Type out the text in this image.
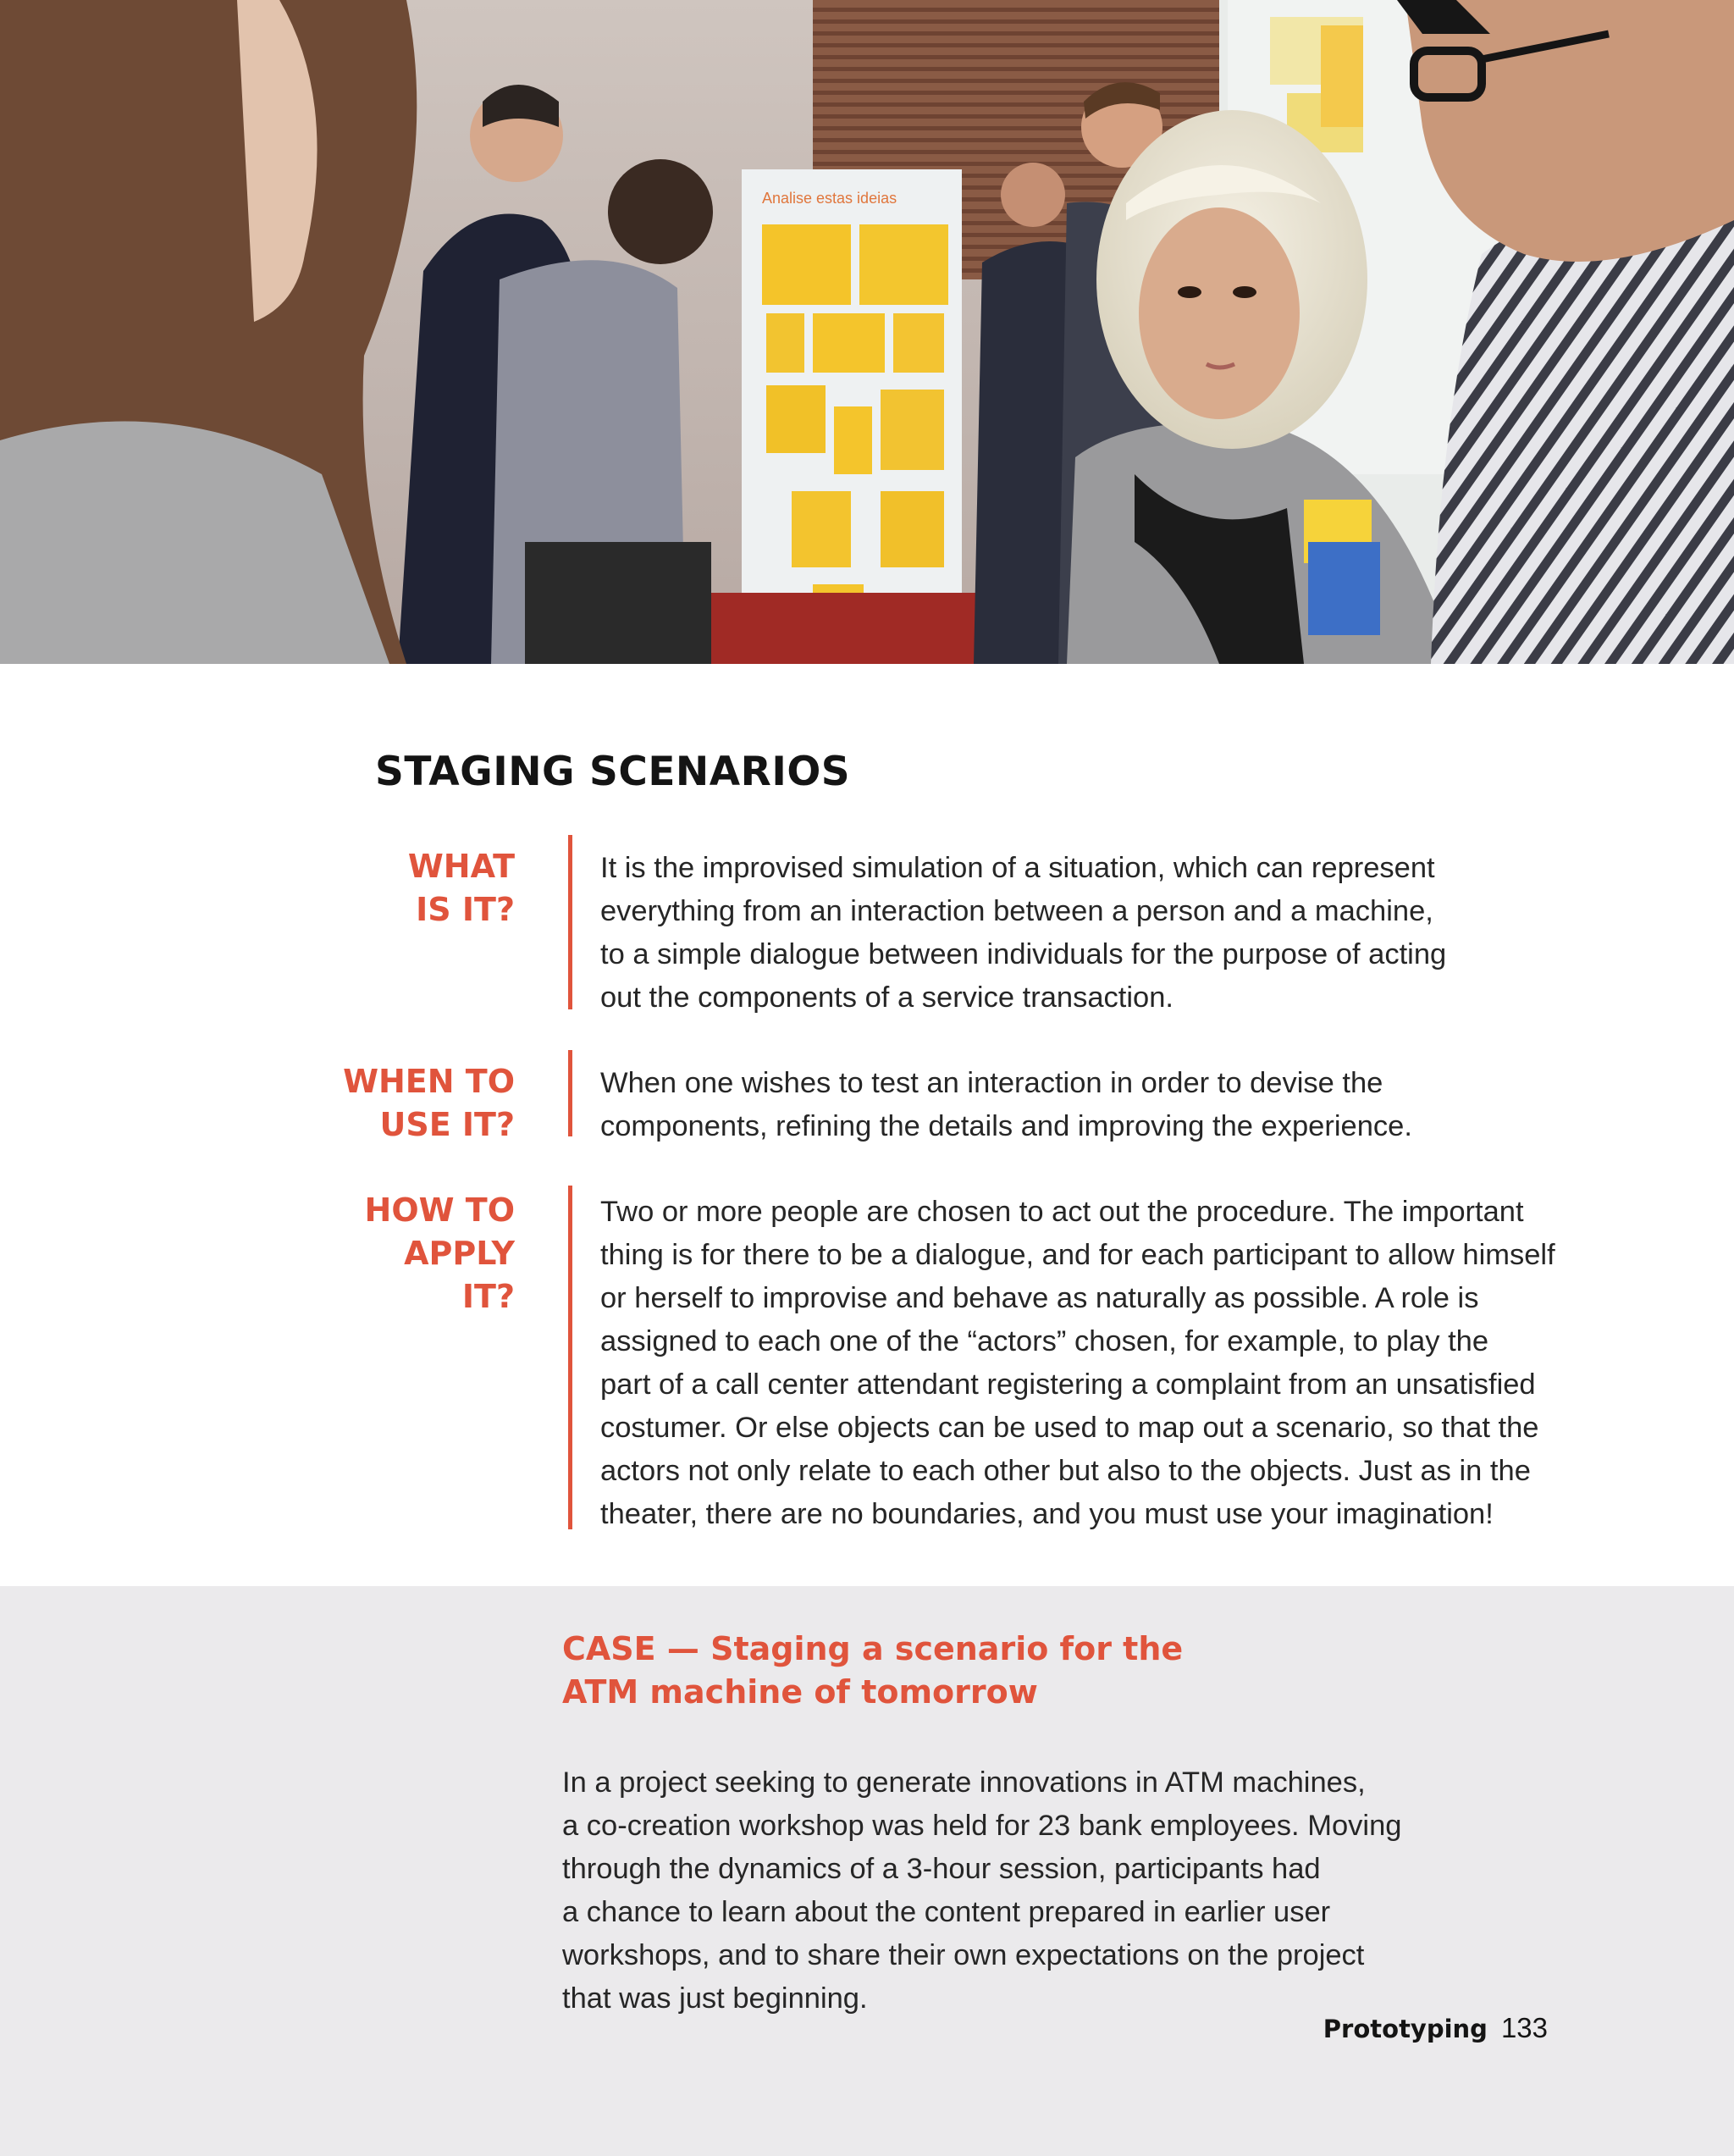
Analise estas ideias
STAGING SCENARIOS

WHAT
IS IT?

It is the improvised simulation of a situation, which can represent
everything from an interaction between a person and a machine,
to a simple dialogue between individuals for the purpose of acting
out the components of a service transaction.

WHEN TO
USE IT?

When one wishes to test an interaction in order to devise the
components, refining the details and improving the experience.

HOW TO
APPLY
IT?

Two or more people are chosen to act out the procedure. The important
thing is for there to be a dialogue, and for each participant to allow himself
or herself to improvise and behave as naturally as possible. A role is
assigned to each one of the “actors” chosen, for example, to play the
part of a call center attendant registering a complaint from an unsatisfied
costumer. Or else objects can be used to map out a scenario, so that the
actors not only relate to each other but also to the objects. Just as in the
theater, there are no boundaries, and you must use your imagination!

CASE — Staging a scenario for the
ATM machine of tomorrow

In a project seeking to generate innovations in ATM machines,
a co-creation workshop was held for 23 bank employees. Moving
through the dynamics of a 3-hour session, participants had
a chance to learn about the content prepared in earlier user
workshops, and to share their own expectations on the project
that was just beginning.

Prototyping 133
